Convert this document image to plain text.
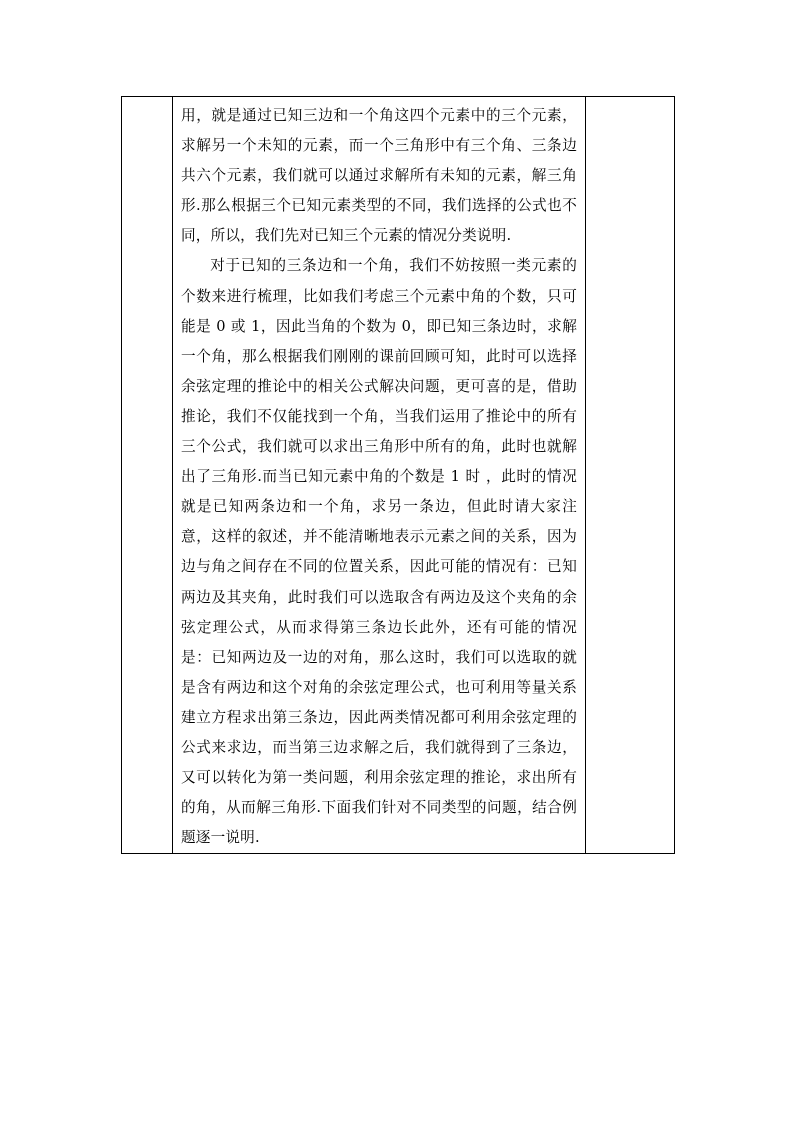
用，就是通过已知三边和一个角这四个元素中的三个元素，求解另一个未知的元素，而一个三角形中有三个角、三条边共六个元素，我们就可以通过求解所有未知的元素，解三角形.那么根据三个已知元素类型的不同，我们选择的公式也不同，所以，我们先对已知三个元素的情况分类说明.

对于已知的三条边和一个角，我们不妨按照一类元素的个数来进行梳理，比如我们考虑三个元素中角的个数，只可能是 0 或 1，因此当角的个数为 0，即已知三条边时，求解一个角，那么根据我们刚刚的课前回顾可知，此时可以选择余弦定理的推论中的相关公式解决问题，更可喜的是，借助推论，我们不仅能找到一个角，当我们运用了推论中的所有三个公式，我们就可以求出三角形中所有的角，此时也就解出了三角形.而当已知元素中角的个数是 1 时 ，此时的情况就是已知两条边和一个角，求另一条边，但此时请大家注意，这样的叙述，并不能清晰地表示元素之间的关系，因为边与角之间存在不同的位置关系，因此可能的情况有：已知两边及其夹角，此时我们可以选取含有两边及这个夹角的余弦定理公式，从而求得第三条边长此外，还有可能的情况是：已知两边及一边的对角，那么这时，我们可以选取的就是含有两边和这个对角的余弦定理公式，也可利用等量关系建立方程求出第三条边，因此两类情况都可利用余弦定理的公式来求边，而当第三边求解之后，我们就得到了三条边，又可以转化为第一类问题，利用余弦定理的推论，求出所有的角，从而解三角形.下面我们针对不同类型的问题，结合例题逐一说明.
